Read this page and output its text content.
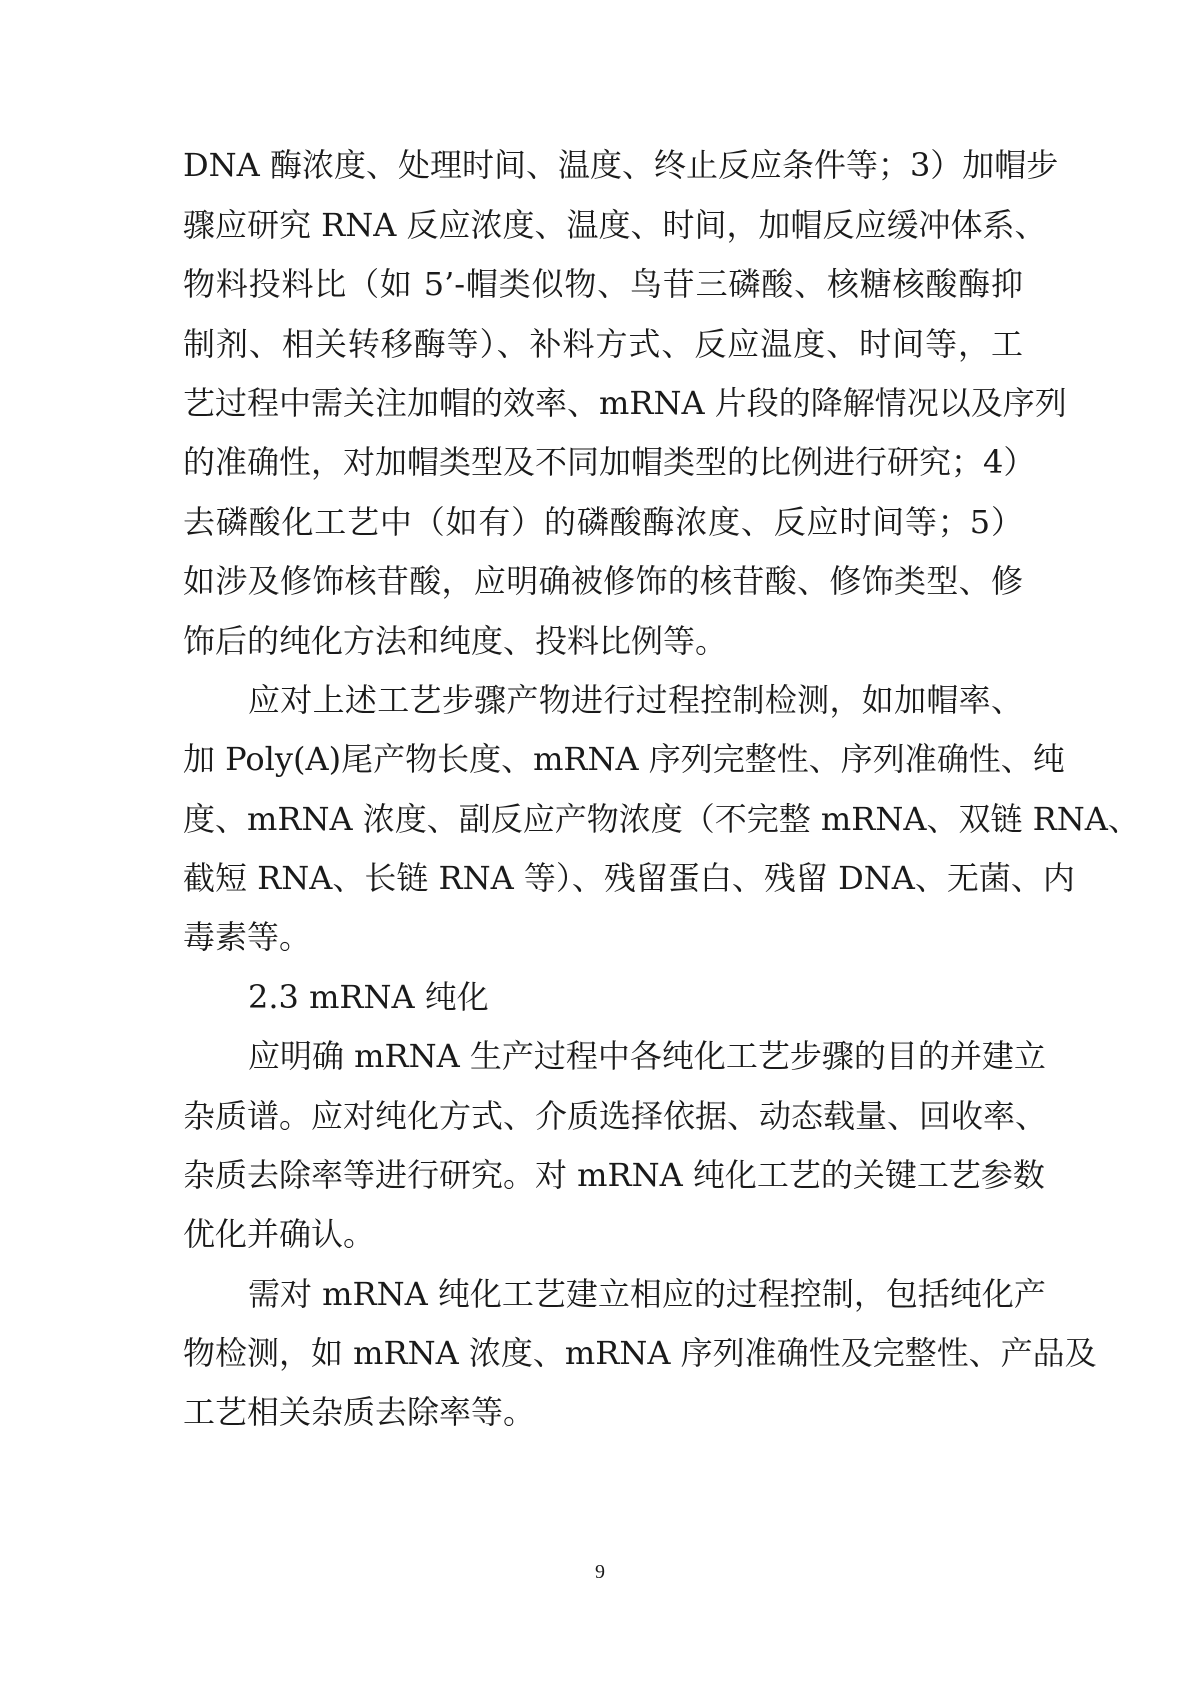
DNA 酶浓度、处理时间、温度、终止反应条件等；3）加帽步
骤应研究 RNA 反应浓度、温度、时间，加帽反应缓冲体系、
物料投料比（如 5’-帽类似物、鸟苷三磷酸、核糖核酸酶抑
制剂、相关转移酶等）、补料方式、反应温度、时间等，工
艺过程中需关注加帽的效率、mRNA 片段的降解情况以及序列
的准确性，对加帽类型及不同加帽类型的比例进行研究；4）
去磷酸化工艺中（如有）的磷酸酶浓度、反应时间等；5）
如涉及修饰核苷酸，应明确被修饰的核苷酸、修饰类型、修
饰后的纯化方法和纯度、投料比例等。
应对上述工艺步骤产物进行过程控制检测，如加帽率、
加 Poly(A)尾产物长度、mRNA 序列完整性、序列准确性、纯
度、mRNA 浓度、副反应产物浓度（不完整 mRNA、双链 RNA、
截短 RNA、长链 RNA 等）、残留蛋白、残留 DNA、无菌、内
毒素等。
2.3 mRNA 纯化
应明确 mRNA 生产过程中各纯化工艺步骤的目的并建立
杂质谱。应对纯化方式、介质选择依据、动态载量、回收率、
杂质去除率等进行研究。对 mRNA 纯化工艺的关键工艺参数
优化并确认。
需对 mRNA 纯化工艺建立相应的过程控制，包括纯化产
物检测，如 mRNA 浓度、mRNA 序列准确性及完整性、产品及
工艺相关杂质去除率等。
9
